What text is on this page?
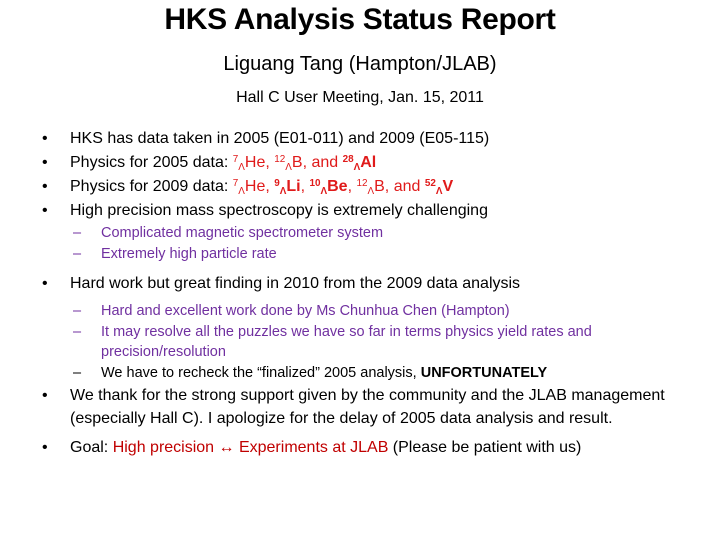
HKS Analysis Status Report
Liguang Tang (Hampton/JLAB)
Hall C User Meeting, Jan. 15, 2011
• HKS has data taken in 2005 (E01-011) and 2009 (E05-115)
• Physics for 2005 data: $^7_\Lambda$He, $^{12}_\Lambda$B, and $^{28}_\Lambda$Al
• Physics for 2009 data: $^7_\Lambda$He, $^9_\Lambda$Li, $^{10}_\Lambda$Be, $^{12}_\Lambda$B, and $^{52}_\Lambda$V
• High precision mass spectroscopy is extremely challenging
– Complicated magnetic spectrometer system
– Extremely high particle rate
• Hard work but great finding in 2010 from the 2009 data analysis
– Hard and excellent work done by Ms Chunhua Chen (Hampton)
– It may resolve all the puzzles we have so far in terms physics yield rates and precision/resolution
– We have to recheck the “finalized” 2005 analysis, UNFORTUNATELY
• We thank for the strong support given by the community and the JLAB management (especially Hall C). I apologize for the delay of 2005 data analysis and result.
• Goal: High precision ↔ Experiments at JLAB (Please be patient with us)
